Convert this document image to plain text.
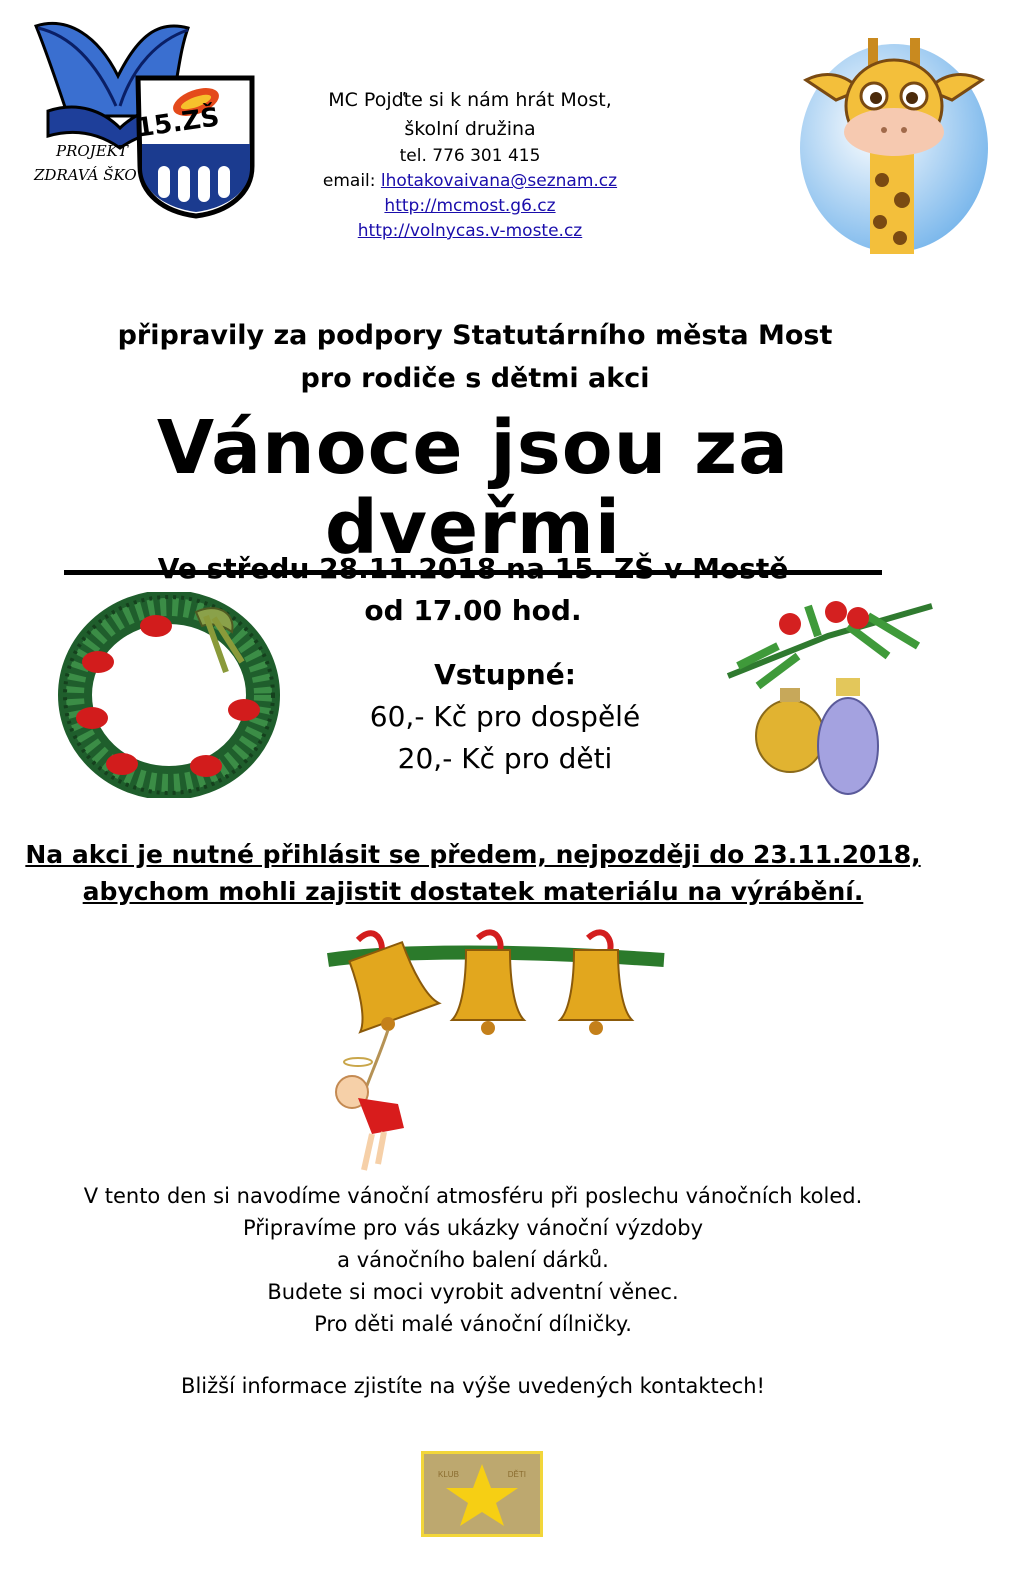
15.ZŠ
PROJEKT
ZDRAVÁ ŠKO
MC Pojďte si k nám hrát Most,
školní družina
tel. 776 301 415
email: lhotakovaivana@seznam.cz
http://mcmost.g6.cz
http://volnycas.v-moste.cz
připravily za podpory Statutárního města Most
pro rodiče s dětmi akci
Vánoce jsou za dveřmi
Ve středu 28.11.2018 na 15. ZŠ v Mostě
od 17.00 hod.
Vstupné:
60,- Kč pro dospělé
20,- Kč pro děti
Na akci je nutné přihlásit se předem, nejpozději do 23.11.2018,
abychom mohli zajistit dostatek materiálu na výrábění.
V tento den si navodíme vánoční atmosféru při poslechu vánočních koled.
Připravíme pro vás ukázky vánoční výzdoby
a vánočního balení dárků.
Budete si moci vyrobit adventní věnec.
Pro děti malé vánoční dílničky.
Bližší informace zjistíte na výše uvedených kontaktech!
KLUB	DĚTI
